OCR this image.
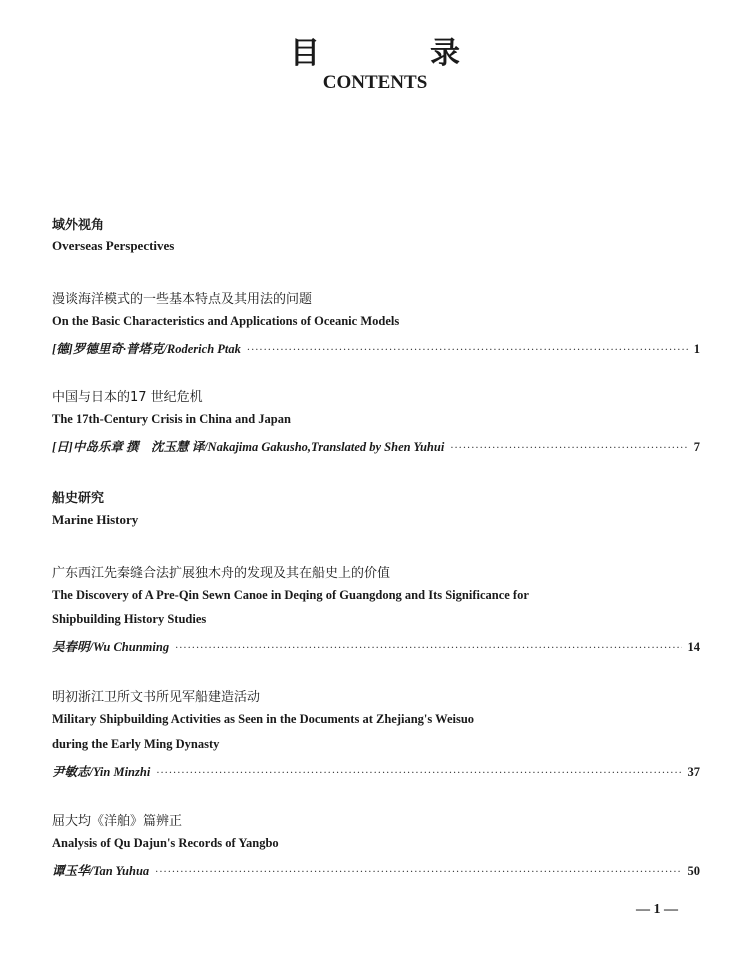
目　录
CONTENTS
域外视角
Overseas Perspectives
漫谈海洋模式的一些基本特点及其用法的问题
On the Basic Characteristics and Applications of Oceanic Models
[德]罗德里奇·普塔克/Roderich Ptak ·····	1
中国与日本的17 世纪危机
The 17th-Century Crisis in China and Japan
[日]中岛乐章 撰　沈玉慧 译/Nakajima Gakusho,Translated by Shen Yuhui ·····	7
船史研究
Marine History
广东西江先秦缝合法扩展独木舟的发现及其在船史上的价值
The Discovery of A Pre-Qin Sewn Canoe in Deqing of Guangdong and Its Significance for
Shipbuilding History Studies
吴春明/Wu Chunming ·····	14
明初浙江卫所文书所见军船建造活动
Military Shipbuilding Activities as Seen in the Documents at Zhejiang's Weisuo
during the Early Ming Dynasty
尹敏志/Yin Minzhi ·····	37
屈大均《洋舶》篇辨正
Analysis of Qu Dajun's Records of Yangbo
谭玉华/Tan Yuhua ·····	50
— 1 —
